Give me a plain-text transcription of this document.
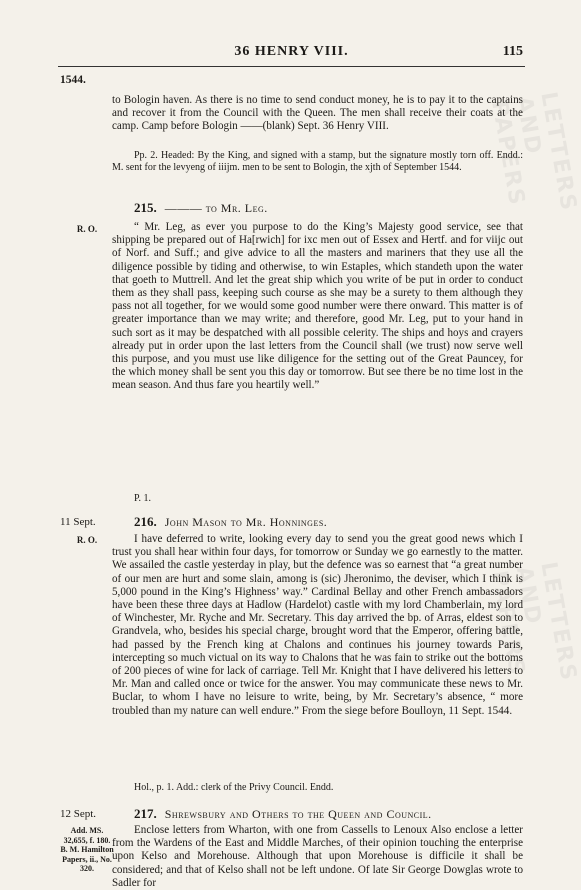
LETTERS AND PAPERS
LETTERS AND PAPERS
36 HENRY VIII.	115
1544.

to Bologin haven. As there is no time to send conduct money, he is to pay it to the captains and recover it from the Council with the Queen. The men shall receive their coats at the camp. Camp before Bologin ——(blank) Sept. 36 Henry VIII.

Pp. 2. Headed: By the King, and signed with a stamp, but the signature mostly torn off. Endd.: M. sent for the levyeng of iiijm. men to be sent to Bologin, the xjth of September 1544.

215. ——— to Mr. Leg.
R. O.	“ Mr. Leg, as ever you purpose to do the King’s Majesty good service, see that shipping be prepared out of Ha[rwich] for ixc men out of Essex and Hertf. and for viijc out of Norf. and Suff.; and give advice to all the masters and mariners that they use all the diligence possible by tiding and otherwise, to win Estaples, which standeth upon the water that goeth to Muttrell. And let the great ship which you write of be put in order to conduct them as they shall pass, keeping such course as she may be a surety to them although they pass not all together, for we would some good number were there onward. This matter is of greater importance than we may write; and therefore, good Mr. Leg, put to your hand in such sort as it may be despatched with all possible celerity. The ships and hoys and crayers already put in order upon the last letters from the Council shall (we trust) now serve well this purpose, and you must use like diligence for the setting out of the Great Pauncey, for the which money shall be sent you this day or tomorrow. But see there be no time lost in the mean season. And thus fare you heartily well.”

P. 1.

11 Sept.	216. John Mason to Mr. Honninges.
R. O.	I have deferred to write, looking every day to send you the great good news which I trust you shall hear within four days, for tomorrow or Sunday we go earnestly to the matter. We assailed the castle yesterday in play, but the defence was so earnest that “a great number of our men are hurt and some slain, among is (sic) Jheronimo, the deviser, which I think is 5,000 pound in the King’s Highness’ way.” Cardinal Bellay and other French ambassadors have been these three days at Hadlow (Hardelot) castle with my lord Chamberlain, my lord of Winchester, Mr. Ryche and Mr. Secretary. This day arrived the bp. of Arras, eldest son to Grandvela, who, besides his special charge, brought word that the Emperor, offering battle, had passed by the French king at Chalons and continues his journey towards Paris, intercepting so much victual on its way to Chalons that he was fain to strike out the bottoms of 200 pieces of wine for lack of carriage. Tell Mr. Knight that I have delivered his letters to Mr. Man and called once or twice for the answer. You may communicate these news to Mr. Buclar, to whom I have no leisure to write, being, by Mr. Secretary’s absence, “ more troubled than my nature can well endure.” From the siege before Boulloyn, 11 Sept. 1544.

Hol., p. 1. Add.: clerk of the Privy Council. Endd.

12 Sept.	217. Shrewsbury and Others to the Queen and Council.
Add. MS. 32,655, f. 180. B. M. Hamilton Papers, ii., No. 320.

Enclose letters from Wharton, with one from Cassells to Lenoux Also enclose a letter from the Wardens of the East and Middle Marches, of their opinion touching the enterprise upon Kelso and Morehouse. Although that upon Morehouse is difficile it shall be considered; and that of Kelso shall not be left undone. Of late Sir George Dowglas wrote to Sadler for
